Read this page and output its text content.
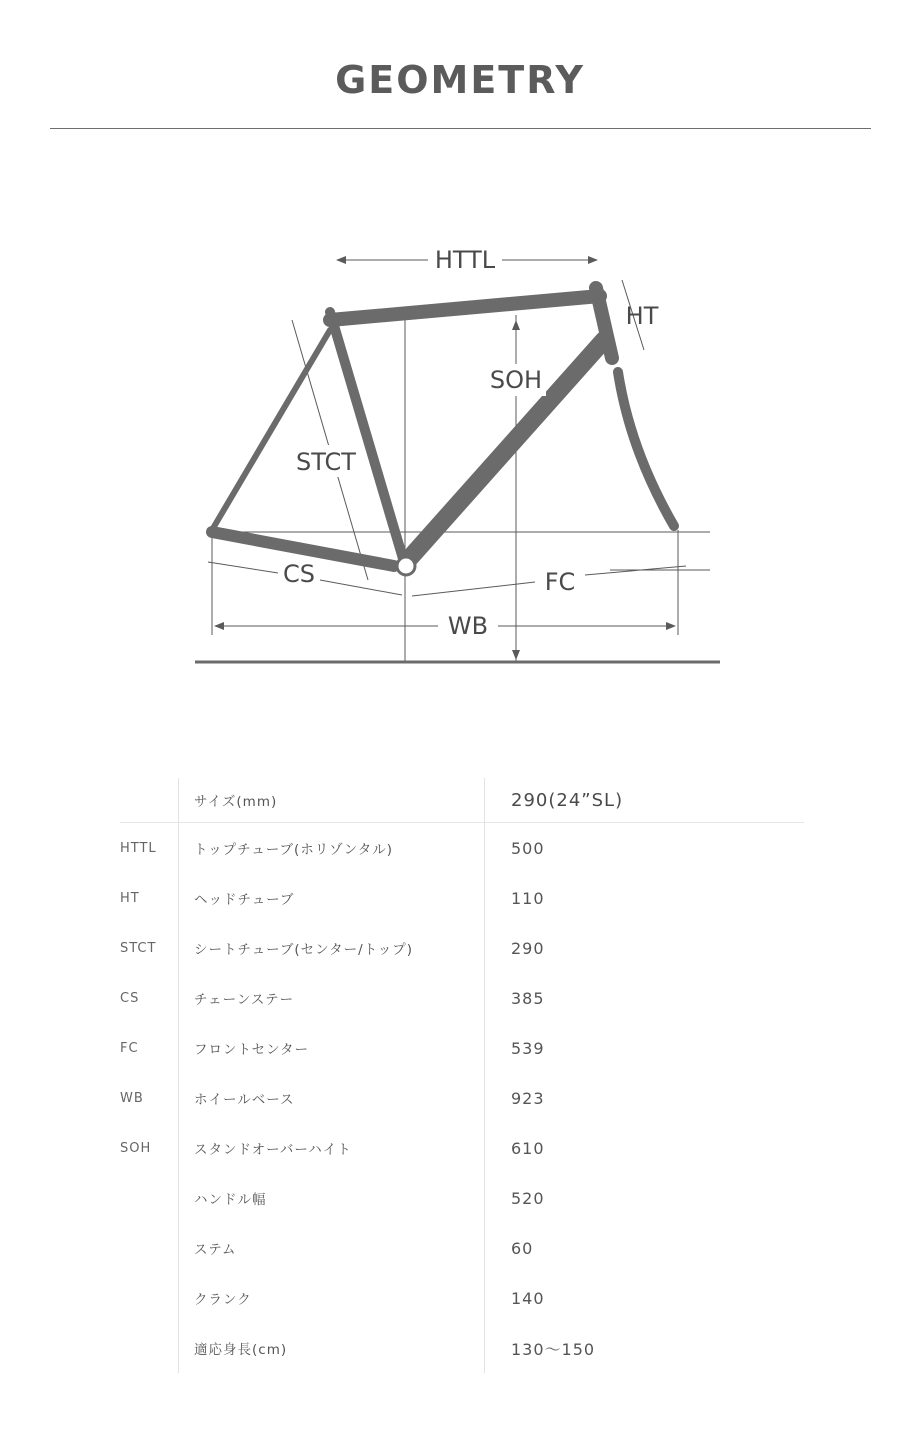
GEOMETRY
HTTL
HT
SOH
STCT
CS	FC
WB
	サイズ(mm)	290(24”SL)
HTTL	トップチューブ(ホリゾンタル)	500
HT	ヘッドチューブ	110
STCT	シートチューブ(センター/トップ)	290
CS	チェーンステー	385
FC	フロントセンター	539
WB	ホイールベース	923
SOH	スタンドオーバーハイト	610
	ハンドル幅	520
	ステム	60
	クランク	140
	適応身長(cm)	130〜150
